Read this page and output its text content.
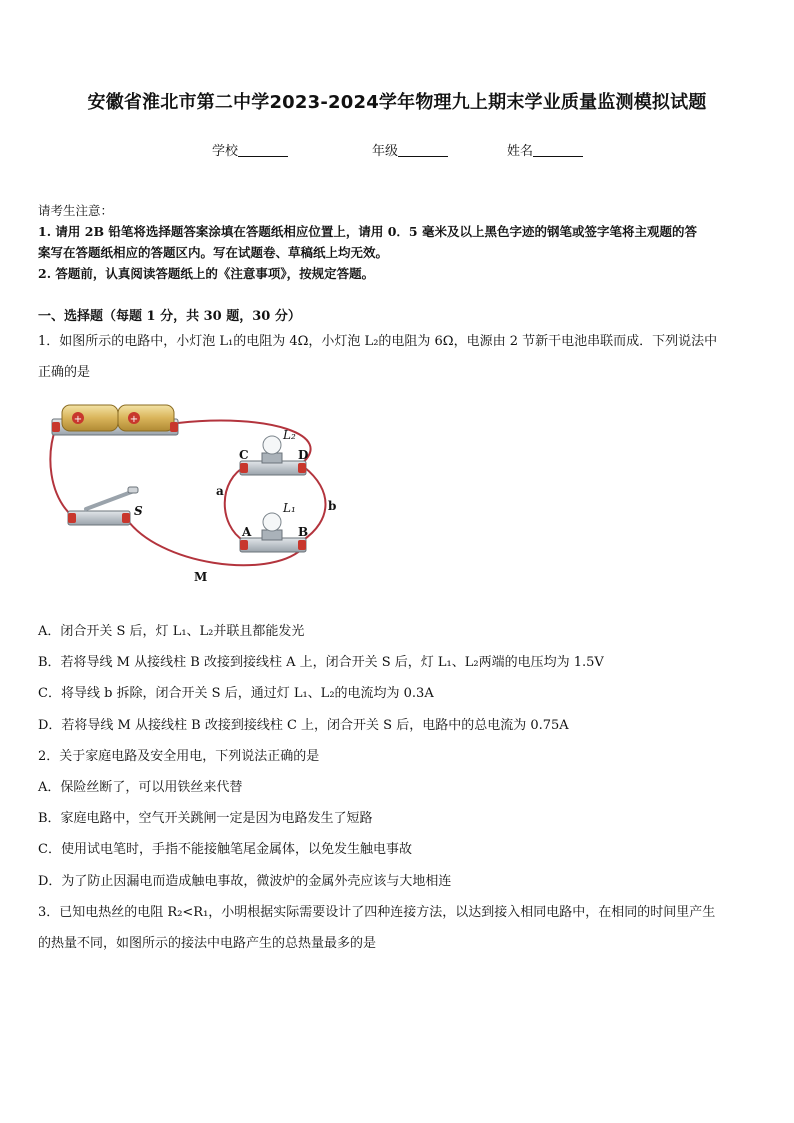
安徽省淮北市第二中学2023-2024学年物理九上期末学业质量监测模拟试题
学校	年级	姓名
请考生注意：
1. 请用 2B 铅笔将选择题答案涂填在答题纸相应位置上，请用 0．5 毫米及以上黑色字迹的钢笔或签字笔将主观题的答
案写在答题纸相应的答题区内。写在试题卷、草稿纸上均无效。
2. 答题前，认真阅读答题纸上的《注意事项》，按规定答题。
一、选择题（每题 1 分，共 30 题，30 分）
1．如图所示的电路中，小灯泡 L₁的电阻为 4Ω，小灯泡 L₂的电阻为 6Ω，电源由 2 节新干电池串联而成．下列说法中
正确的是
+	+
L₂
L₁
C	D
A	B
a
b
S
M
A．闭合开关 S 后，灯 L₁、L₂并联且都能发光
B．若将导线 M 从接线柱 B 改接到接线柱 A 上，闭合开关 S 后，灯 L₁、L₂两端的电压均为 1.5V
C．将导线 b 拆除，闭合开关 S 后，通过灯 L₁、L₂的电流均为 0.3A
D．若将导线 M 从接线柱 B 改接到接线柱 C 上，闭合开关 S 后，电路中的总电流为 0.75A
2．关于家庭电路及安全用电，下列说法正确的是
A．保险丝断了，可以用铁丝来代替
B．家庭电路中，空气开关跳闸一定是因为电路发生了短路
C．使用试电笔时，手指不能接触笔尾金属体，以免发生触电事故
D．为了防止因漏电而造成触电事故，微波炉的金属外壳应该与大地相连
3．已知电热丝的电阻 R₂<R₁，小明根据实际需要设计了四种连接方法，以达到接入相同电路中，在相同的时间里产生
的热量不同，如图所示的接法中电路产生的总热量最多的是
